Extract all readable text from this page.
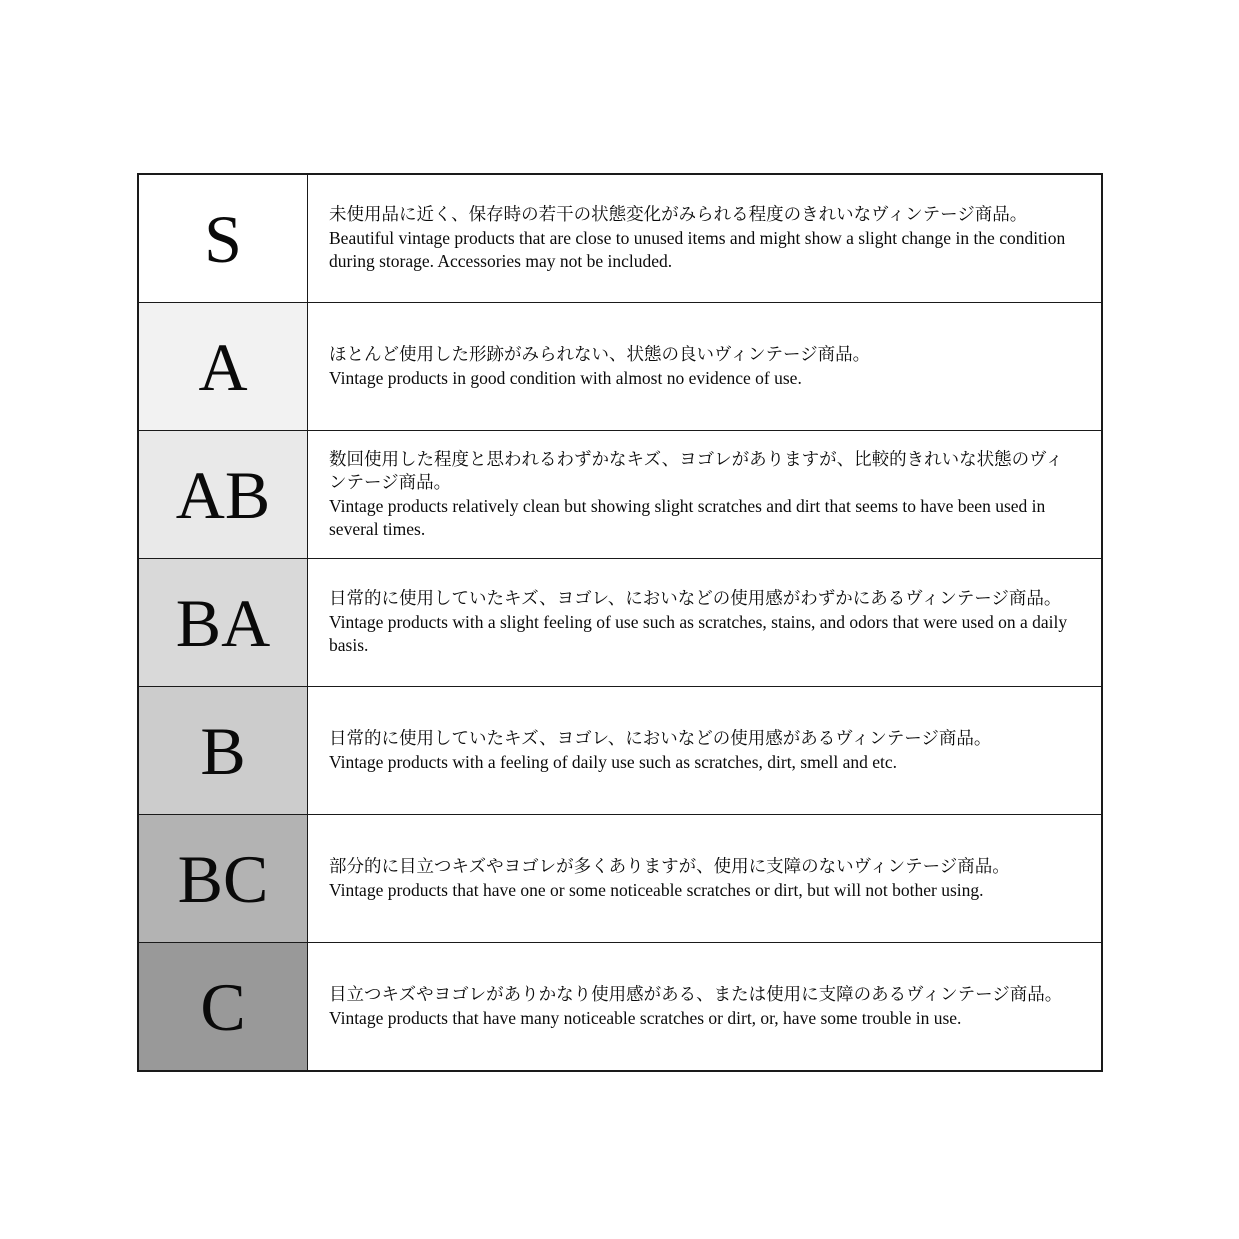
S	未使用品に近く、保存時の若干の状態変化がみられる程度のきれいなヴィンテージ商品。
Beautiful vintage products that are close to unused items and might show a slight change in the condition during storage. Accessories may not be included.

A	ほとんど使用した形跡がみられない、状態の良いヴィンテージ商品。
Vintage products in good condition with almost no evidence of use.

AB	数回使用した程度と思われるわずかなキズ、ヨゴレがありますが、比較的きれいな状態のヴィンテージ商品。
Vintage products relatively clean but showing slight scratches and dirt that seems to have been used in several times.

BA	日常的に使用していたキズ、ヨゴレ、においなどの使用感がわずかにあるヴィンテージ商品。
Vintage products with a slight feeling of use such as scratches, stains, and odors that were used on a daily basis.

B	日常的に使用していたキズ、ヨゴレ、においなどの使用感があるヴィンテージ商品。
Vintage products with a feeling of daily use such as scratches, dirt, smell and etc.

BC	部分的に目立つキズやヨゴレが多くありますが、使用に支障のないヴィンテージ商品。
Vintage products that have one or some noticeable scratches or dirt, but will not bother using.

C	目立つキズやヨゴレがありかなり使用感がある、または使用に支障のあるヴィンテージ商品。
Vintage products that have many noticeable scratches or dirt, or, have some trouble in use.
